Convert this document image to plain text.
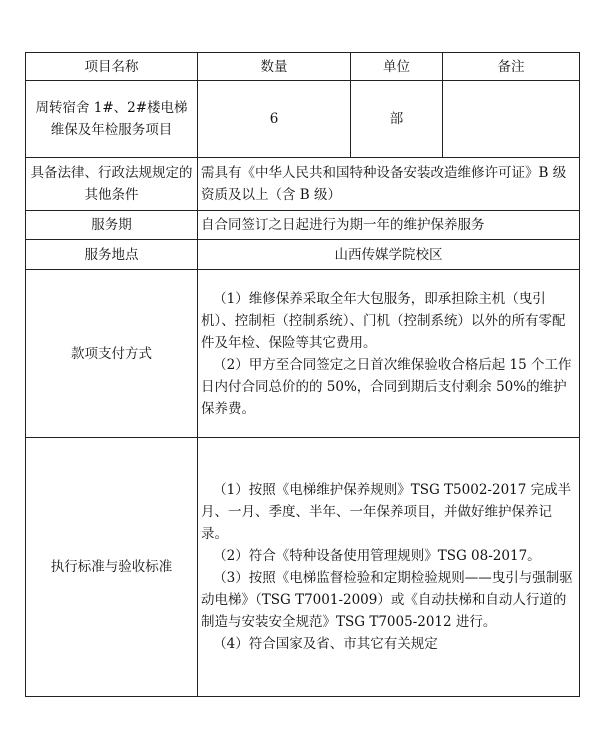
项目名称	数量	单位	备注
周转宿舍 1#、2#楼电梯维保及年检服务项目	6	部	
具备法律、行政法规规定的其他条件	需具有《中华人民共和国特种设备安装改造维修许可证》B 级资质及以上（含 B 级）		
服务期	自合同签订之日起进行为期一年的维护保养服务		
服务地点	山西传媒学院校区		
款项支付方式	（1）维修保养采取全年大包服务，即承担除主机（曳引机）、控制柜（控制系统）、门机（控制系统）以外的所有零配件及年检、保险等其它费用。

（2）甲方至合同签定之日首次维保验收合格后起 15 个工作日内付合同总价的的 50%，合同到期后支付剩余 50%的维护保养费。		

执行标准与验收标准	（1）按照《电梯维护保养规则》TSG T5002-2017 完成半月、一月、季度、半年、一年保养项目，并做好维护保养记录。

（2）符合《特种设备使用管理规则》TSG 08-2017。

（3）按照《电梯监督检验和定期检验规则——曳引与强制驱动电梯》（TSG T7001-2009）或《自动扶梯和自动人行道的制造与安装安全规范》TSG T7005-2012 进行。

（4）符合国家及省、市其它有关规定		
